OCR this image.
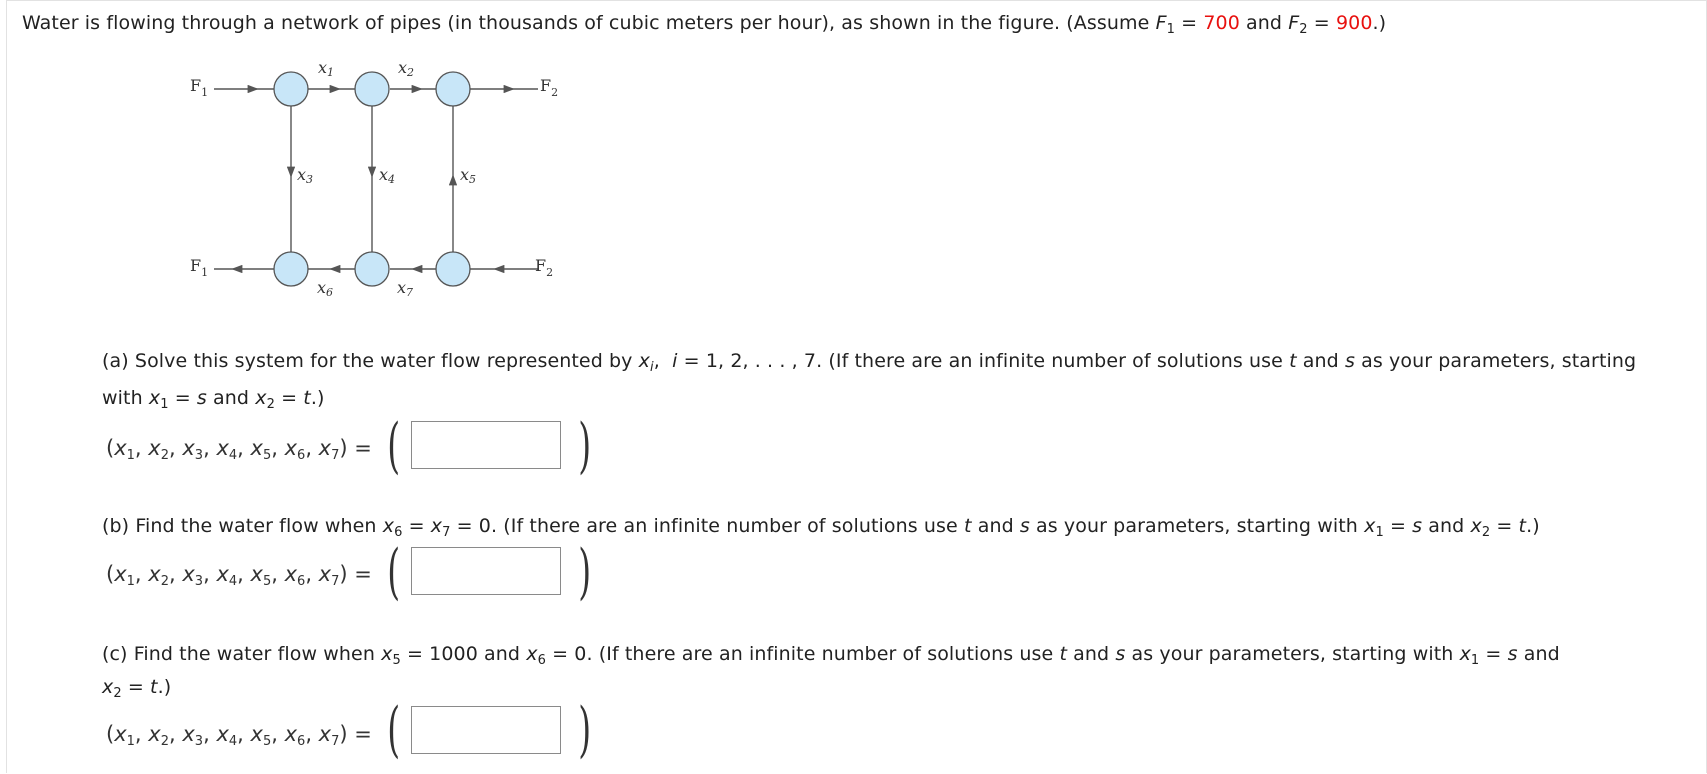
Water is flowing through a network of pipes (in thousands of cubic meters per hour), as shown in the figure. (Assume $F_1 = 700$ and $F_2 = 900$.)
$F_1$	$F_2$
$F_1$	$F_2$
x1	x2
x3	x4	x5
x6	x7
(a) Solve this system for the water flow represented by $x_i$,  i = 1, 2, . . . , 7. (If there are an infinite number of solutions use t and s as your parameters, starting
with $x_1 = s$ and $x_2 = t$.)
($x_1$, $x_2$, $x_3$, $x_4$, $x_5$, $x_6$, $x_7$) = (	)
(b) Find the water flow when $x_6 = x_7 = 0$. (If there are an infinite number of solutions use t and s as your parameters, starting with $x_1 = s$ and $x_2 = t$.)
($x_1$, $x_2$, $x_3$, $x_4$, $x_5$, $x_6$, $x_7$) = (	)
(c) Find the water flow when $x_5 = 1000$ and $x_6 = 0$. (If there are an infinite number of solutions use t and s as your parameters, starting with $x_1 = s$ and
$x_2 = t$.)
($x_1$, $x_2$, $x_3$, $x_4$, $x_5$, $x_6$, $x_7$) = (	)
